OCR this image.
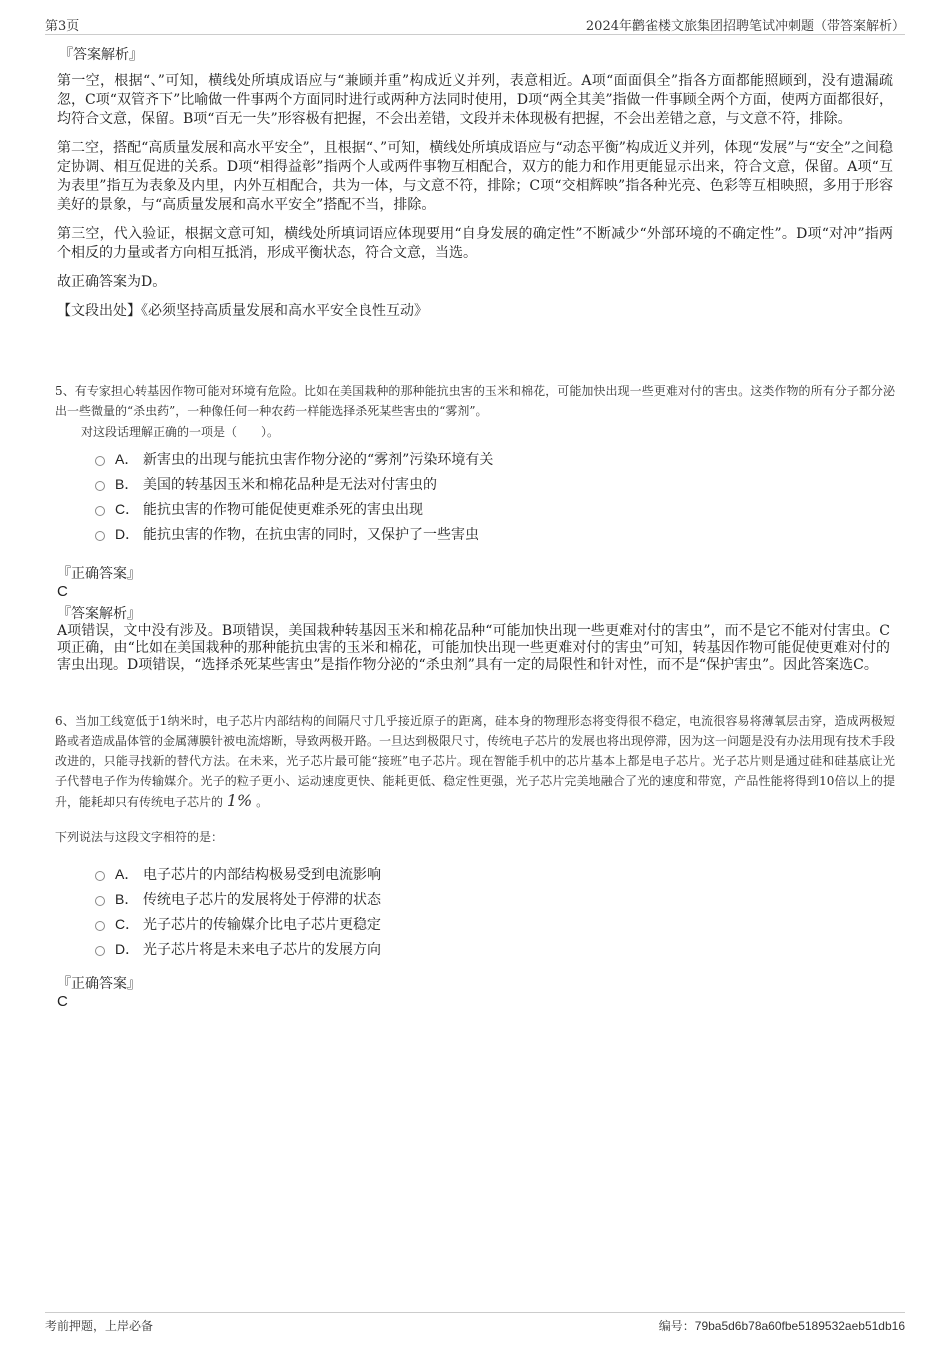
第3页	2024年鹳雀楼文旅集团招聘笔试冲刺题（带答案解析）
『答案解析』

第一空，根据“、”可知，横线处所填成语应与“兼顾并重”构成近义并列，表意相近。A项“面面俱全”指各方面都能照顾到，没有遗漏疏忽，C项“双管齐下”比喻做一件事两个方面同时进行或两种方法同时使用，D项“两全其美”指做一件事顾全两个方面，使两方面都很好，均符合文意，保留。B项“百无一失”形容极有把握，不会出差错，文段并未体现极有把握，不会出差错之意，与文意不符，排除。

第二空，搭配“高质量发展和高水平安全”，且根据“、”可知，横线处所填成语应与“动态平衡”构成近义并列，体现“发展”与“安全”之间稳定协调、相互促进的关系。D项“相得益彰”指两个人或两件事物互相配合，双方的能力和作用更能显示出来，符合文意，保留。A项“互为表里”指互为表象及内里，内外互相配合，共为一体，与文意不符，排除；C项“交相辉映”指各种光亮、色彩等互相映照，多用于形容美好的景象，与“高质量发展和高水平安全”搭配不当，排除。

第三空，代入验证，根据文意可知，横线处所填词语应体现要用“自身发展的确定性”不断减少“外部环境的不确定性”。D项“对冲”指两个相反的力量或者方向相互抵消，形成平衡状态，符合文意，当选。

故正确答案为D。

【文段出处】《必须坚持高质量发展和高水平安全良性互动》

5、有专家担心转基因作物可能对环境有危险。比如在美国栽种的那种能抗虫害的玉米和棉花，可能加快出现一些更难对付的害虫。这类作物的所有分子都分泌出一些微量的“杀虫药”，一种像任何一种农药一样能选择杀死某些害虫的“雾剂”。

对这段话理解正确的一项是（　　）。
A． 新害虫的出现与能抗虫害作物分泌的“雾剂”污染环境有关
B． 美国的转基因玉米和棉花品种是无法对付害虫的
C． 能抗虫害的作物可能促使更难杀死的害虫出现
D． 能抗虫害的作物，在抗虫害的同时，又保护了一些害虫

『正确答案』

C

『答案解析』

A项错误，文中没有涉及。B项错误，美国栽种转基因玉米和棉花品种“可能加快出现一些更难对付的害虫”，而不是它不能对付害虫。C项正确，由“比如在美国栽种的那种能抗虫害的玉米和棉花，可能加快出现一些更难对付的害虫”可知，转基因作物可能促使更难对付的害虫出现。D项错误，“选择杀死某些害虫”是指作物分泌的“杀虫剂”具有一定的局限性和针对性，而不是“保护害虫”。因此答案选C。

6、当加工线宽低于1纳米时，电子芯片内部结构的间隔尺寸几乎接近原子的距离，硅本身的物理形态将变得很不稳定，电流很容易将薄氧层击穿，造成两极短路或者造成晶体管的金属薄膜针被电流熔断，导致两极开路。一旦达到极限尺寸，传统电子芯片的发展也将出现停滞，因为这一问题是没有办法用现有技术手段改进的，只能寻找新的替代方法。在未来，光子芯片最可能“接班”电子芯片。现在智能手机中的芯片基本上都是电子芯片。光子芯片则是通过硅和硅基底让光子代替电子作为传输媒介。光子的粒子更小、运动速度更快、能耗更低、稳定性更强，光子芯片完美地融合了光的速度和带宽，产品性能将得到10倍以上的提升，能耗却只有传统电子芯片的 1% 。

下列说法与这段文字相符的是：
A． 电子芯片的内部结构极易受到电流影响
B． 传统电子芯片的发展将处于停滞的状态
C． 光子芯片的传输媒介比电子芯片更稳定
D． 光子芯片将是未来电子芯片的发展方向

『正确答案』

C

考前押题，上岸必备	编号：79ba5d6b78a60fbe5189532aeb51db16
